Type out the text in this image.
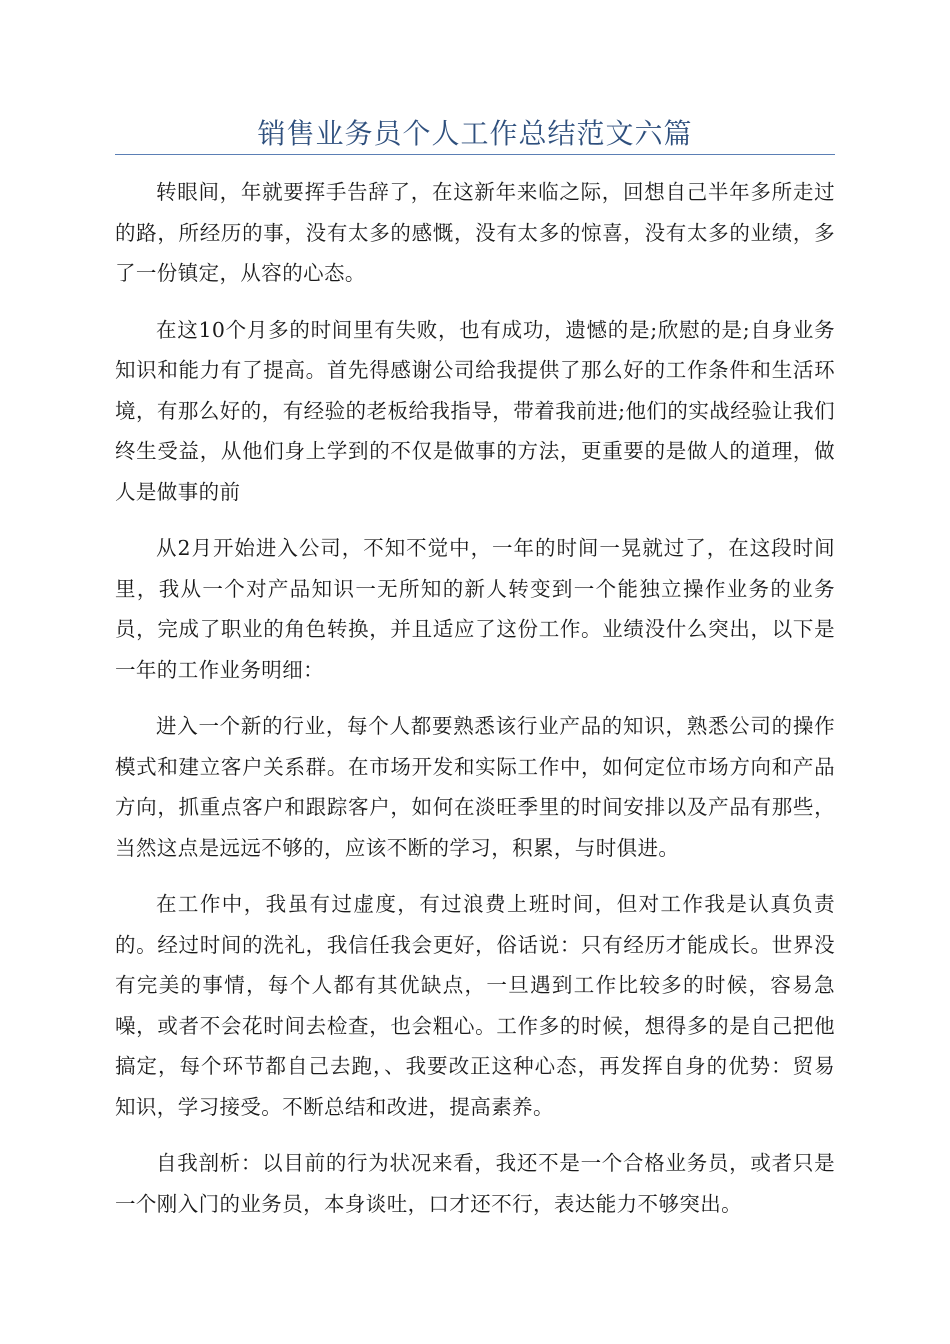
销售业务员个人工作总结范文六篇

转眼间，年就要挥手告辞了，在这新年来临之际，回想自己半年多所走过的路，所经历的事，没有太多的感慨，没有太多的惊喜，没有太多的业绩，多了一份镇定，从容的心态。

在这10个月多的时间里有失败，也有成功，遗憾的是;欣慰的是;自身业务知识和能力有了提高。首先得感谢公司给我提供了那么好的工作条件和生活环境，有那么好的，有经验的老板给我指导，带着我前进;他们的实战经验让我们终生受益，从他们身上学到的不仅是做事的方法，更重要的是做人的道理，做人是做事的前

从2月开始进入公司，不知不觉中，一年的时间一晃就过了，在这段时间里，我从一个对产品知识一无所知的新人转变到一个能独立操作业务的业务员，完成了职业的角色转换，并且适应了这份工作。业绩没什么突出，以下是一年的工作业务明细：

进入一个新的行业，每个人都要熟悉该行业产品的知识，熟悉公司的操作模式和建立客户关系群。在市场开发和实际工作中，如何定位市场方向和产品方向，抓重点客户和跟踪客户，如何在淡旺季里的时间安排以及产品有那些，当然这点是远远不够的，应该不断的学习，积累，与时俱进。

在工作中，我虽有过虚度，有过浪费上班时间，但对工作我是认真负责的。经过时间的洗礼，我信任我会更好，俗话说：只有经历才能成长。世界没有完美的事情，每个人都有其优缺点，一旦遇到工作比较多的时候，容易急噪，或者不会花时间去检查，也会粗心。工作多的时候，想得多的是自己把他搞定，每个环节都自己去跑，、我要改正这种心态，再发挥自身的优势：贸易知识，学习接受。不断总结和改进，提高素养。

自我剖析：以目前的行为状况来看，我还不是一个合格业务员，或者只是一个刚入门的业务员，本身谈吐，口才还不行，表达能力不够突出。
